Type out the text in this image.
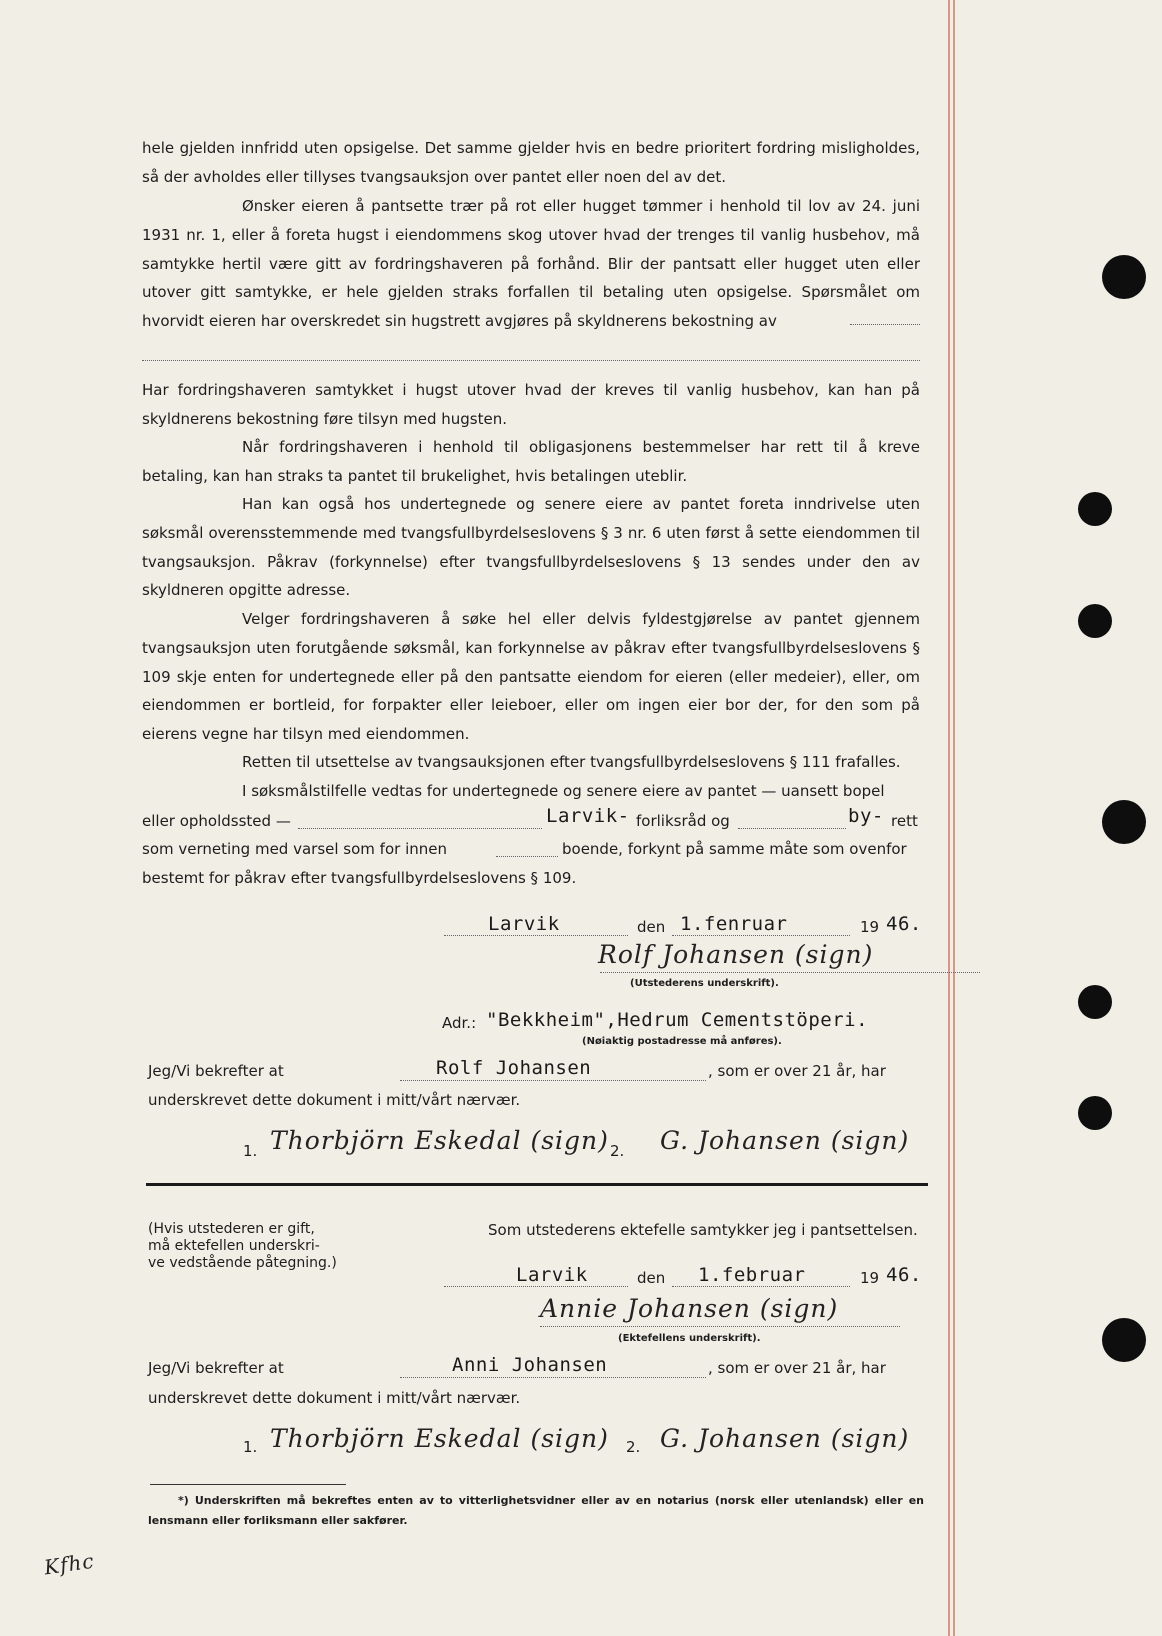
hele gjelden innfridd uten opsigelse. Det samme gjelder hvis en bedre prioritert fordring misligholdes, så der avholdes eller tillyses tvangsauksjon over pantet eller noen del av det.

Ønsker eieren å pantsette trær på rot eller hugget tømmer i henhold til lov av 24. juni 1931 nr. 1, eller å foreta hugst i eiendommens skog utover hvad der trenges til vanlig husbehov, må samtykke hertil være gitt av fordringshaveren på forhånd. Blir der pantsatt eller hugget uten eller utover gitt samtykke, er hele gjelden straks forfallen til betaling uten opsigelse. Spørsmålet om hvorvidt eieren har overskredet sin hugstrett avgjøres på skyldnerens bekostning av

Har fordringshaveren samtykket i hugst utover hvad der kreves til vanlig husbehov, kan han på skyldnerens bekostning føre tilsyn med hugsten.

Når fordringshaveren i henhold til obligasjonens bestemmelser har rett til å kreve betaling, kan han straks ta pantet til brukelighet, hvis betalingen uteblir.

Han kan også hos undertegnede og senere eiere av pantet foreta inndrivelse uten søksmål overensstemmende med tvangsfullbyrdelseslovens § 3 nr. 6 uten først å sette eiendommen til tvangsauksjon. Påkrav (forkynnelse) efter tvangsfullbyrdelseslovens § 13 sendes under den av skyldneren opgitte adresse.

Velger fordringshaveren å søke hel eller delvis fyldestgjørelse av pantet gjennem tvangsauksjon uten forutgående søksmål, kan forkynnelse av påkrav efter tvangsfullbyrdelseslovens § 109 skje enten for undertegnede eller på den pantsatte eiendom for eieren (eller medeier), eller, om eiendommen er bortleid, for forpakter eller leieboer, eller om ingen eier bor der, for den som på eierens vegne har tilsyn med eiendommen.

Retten til utsettelse av tvangsauksjonen efter tvangsfullbyrdelseslovens § 111 frafalles.

I søksmålstilfelle vedtas for undertegnede og senere eiere av pantet — uansett bopel

eller opholdssted —	Larvik- forliksråd og	by- rett
som verneting med varsel som for innen	boende, forkynt på samme måte som ovenfor
bestemt for påkrav efter tvangsfullbyrdelseslovens § 109.
Larvik	den 1.fenruar	19 46.
Rolf Johansen (sign)
(Utstederens underskrift).
Adr.: "Bekkheim",Hedrum Cementstöperi.
(Nøiaktig postadresse må anføres).
Jeg/Vi bekrefter at	Rolf Johansen	, som er over 21 år, har
underskrevet dette dokument i mitt/vårt nærvær.
1. Thorbjörn Eskedal (sign) 2. G. Johansen (sign)
(Hvis utstederen er gift,
må ektefellen underskri-
ve vedstående påtegning.)
Som utstederens ektefelle samtykker jeg i pantsettelsen.
Larvik	den 1.februar	19 46.
Annie Johansen (sign)
(Ektefellens underskrift).
Jeg/Vi bekrefter at	Anni Johansen	, som er over 21 år, har
underskrevet dette dokument i mitt/vårt nærvær.
1. Thorbjörn Eskedal (sign) 2. G. Johansen (sign)

*) Underskriften må bekreftes enten av to vitterlighetsvidner eller av en notarius (norsk eller utenlandsk) eller en lensmann eller forliksmann eller sakfører.

Kfhc
